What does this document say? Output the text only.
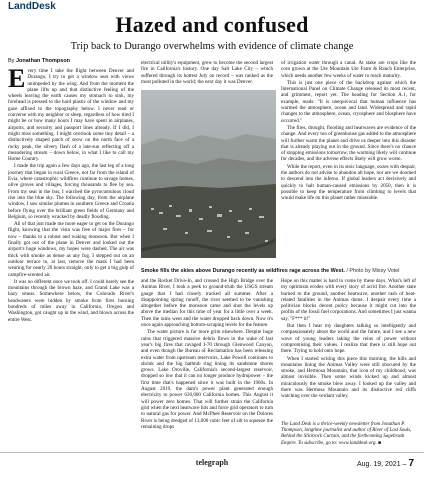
LandDesk
Hazed and confused
Trip back to Durango overwhelms with evidence of climate change
By Jonathan Thompson

Every time I take the flight between Denver and Durango, I try to get a window seat with views unimpeded by the wing. And from the moment the plane lifts up and that distinctive feeling of the wheels leaving the earth causes my stomach to sink, my forehead is pressed to the hard plastic of the window and my gaze affixed to the topography below. I never read or converse with my neighbor or sleep, regardless of how tired I might be or how many hours I may have spent in airplanes, airports, and security and passport lines already. If I did, I might miss something. I might overlook some tiny detail – a distinctively shaped patch of snow on the north face of a rocky peak, the silvery flash of a late-sun reflecting off a meandering stream – down below, in what I like to call my Home Country.

I made the trip again a few days ago, the last leg of a long journey that began in rural Greece, not far from the island of Evia, where catastrophic wildfires continue to savage homes, olive groves and villages, forcing thousands to flee by sea. From my seat in the bus, I watched the pyrocumulous cloud rise into the blue sky. The following day, from the airplane window, I saw similar plumes in southern Greece and Croatia before flying over the brilliant green fields of Germany and Belgium, so recently wracked by deadly flooding.

All of that just made me more eager to get on the Durango flight, knowing that the vista was free of major fires – for now – thanks to a robust and waking monsoon. But when I finally got out of the plane in Denver and looked out the airport's huge windows, my hopes were dashed. The air was thick with smoke as dense as any fog. I stepped out on an outdoor terrace to, at last, remove the mask I had been wearing for nearly 20 hours straight, only to get a big gulp of campfire-scented air.

It was no different once we took off. I could barely see the mountains through the brown haze, and Grand Lake was a hazy smear. Somewhere below, the Colorado River's headwaters were hidden by smoke from fires burning hundreds of miles away in California, Oregon and Washington, got caught up in the wind, and blown across the entire West.

electrical utility's equipment, grew to become the second largest fire in California's history. One day Salt Lake City – which suffered through its hottest July on record – was ranked as the most polluted in the world; the next day it was Denver.

of irrigation water through a canal. At stake are crops like the corn grown at the Ute Mountain Ute Farm & Ranch Enterprise, which needs another few weeks of water to reach maturity.

This is just one piece of the backdrop against which the International Panel on Climate Change released its most recent, and grimmest, report yet. The heading for Section A.1, for example, reads: "It is unequivocal that human influence has warmed the atmosphere, ocean and land. Widespread and rapid changes to the atmosphere, ocean, cryosphere and biosphere have occurred."

The fires, drought, flooding and heatwaves are evidence of the change. And every ton of greenhouse gas added to the atmosphere will further warm the planet and drive us deeper into this disaster that is already playing out in the ground. Since there's no chance of stopping emissions tomorrow, the warming likely will continue for decades, and the adverse effects likely will grow worse.

While the report, even in its stoic language, oozes with despair, the authors do not advise to abandon all hope, nor are we doomed to descend into the inferno. If global leaders act decisively and quickly to halt human-caused emissions by 2050, then it is possible to keep the temperature from climbing to levels that would make life on this planet rather miserable.

Smoke fills the skies above Durango recently as wildfires rage across the West. / Photo by Missy Votel

and the Rocket Drive-In, and crossed the High Bridge over the Animas River, I took a peek to ground-truth the USGS stream gauge that I had closely tracked all summer. After a disappointing spring runoff, the river seemed to be vanishing altogether before the monsoon came and shot the levels up above the median for this time of year for a little over a week. Then the rains went and the water dropped back down. Now it's once again approaching bottom-scraping levels for the feature.

The water picture is far more grim elsewhere. Despite huge rains that triggered massive debris flows in the wake of last year's big fires that ravaged I-70 through Glenwood Canyon, and even though the Bureau of Reclamation has been releasing extra water from upstream reservoirs, Lake Powell continues to shrink and the big bathtub ring lining its sandstone shores grows. Lake Oroville, California's second-largest reservoir, dropped so low that it can no longer produce hydropower – the first time that's happened since it was built in the 1960s. In August 2019, the dam's power plant generated enough electricity to power 620,000 California homes. This August it will power zero homes. That will further strain the California grid when the next heatwave hits and force grid operators to turn to natural gas for power. And McPhee Reservoir on the Dolores River is being dredged of 13,000 cubic feet of silt to squeeze the remaining drops

Hope on this matter is hard to come by these days. What's left of my optimism erodes with every story of acrid fire. Another state burned to the ground, another heatwave, another rash of heat-related fatalities in the Animas dome. I despair every time a politician blocks decent policy because it might cut into the profits of the fossil fuel corporations. And sometimes I just wanna say, "F*** it!"

But then I hear my daughters talking so intelligently and compassionately about the world and the future, and I see a new wave of young leaders taking the reins of power without compromising their values. I realize that there is still hope out there. Trying to hold onto hope.

When I started writing this piece this morning, the hills and mountains lining the Animas Valley were still obscured by the smoke, and Hermosa Mountain, that icon of my childhood, was almost invisible. Then some winds kicked up and almost miraculously the smoke blew away. I looked up the valley and there was Hermosa Mountain and its distinctive red cliffs watching over the verdant valley.

The Land Desk is a thrice-weekly newsletter from Jonathan P. Thompson, longtime journalist and author of River of Lost Souls, Behind the Slickrock Curtain, and the forthcoming Sagebrush Empire. To subscribe, go to: www.landdesk.org. ■
telegraph	Aug. 19, 2021 – 7
